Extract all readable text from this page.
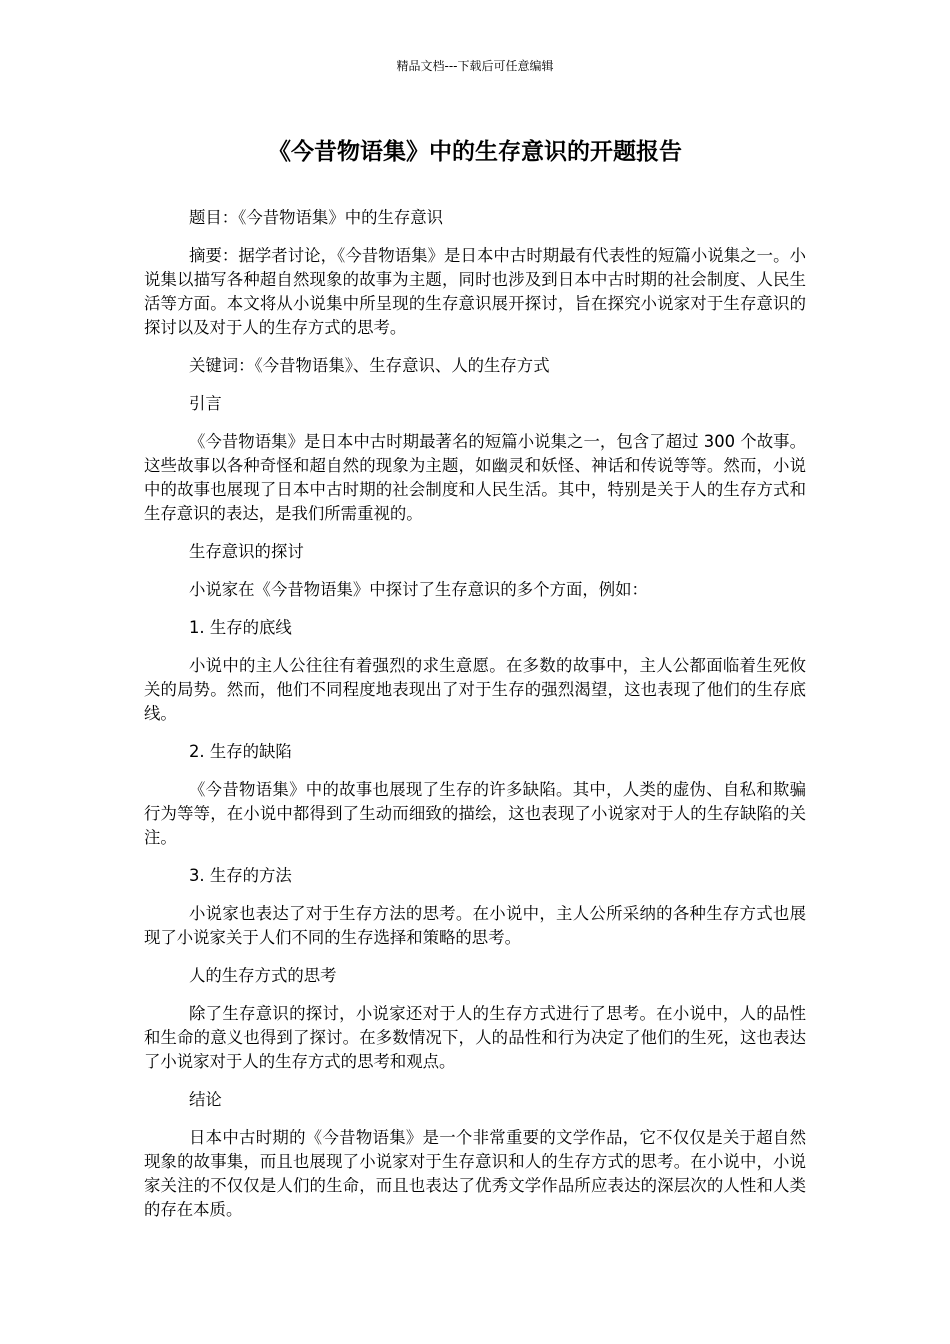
精品文档---下载后可任意编辑
《今昔物语集》中的生存意识的开题报告

题目：《今昔物语集》中的生存意识

摘要：据学者讨论，《今昔物语集》是日本中古时期最有代表性的短篇小说集之一。小说集以描写各种超自然现象的故事为主题，同时也涉及到日本中古时期的社会制度、人民生活等方面。本文将从小说集中所呈现的生存意识展开探讨，旨在探究小说家对于生存意识的探讨以及对于人的生存方式的思考。

关键词：《今昔物语集》、生存意识、人的生存方式

引言

《今昔物语集》是日本中古时期最著名的短篇小说集之一，包含了超过 300 个故事。这些故事以各种奇怪和超自然的现象为主题，如幽灵和妖怪、神话和传说等等。然而，小说中的故事也展现了日本中古时期的社会制度和人民生活。其中，特别是关于人的生存方式和生存意识的表达，是我们所需重视的。

生存意识的探讨

小说家在《今昔物语集》中探讨了生存意识的多个方面，例如：

1. 生存的底线

小说中的主人公往往有着强烈的求生意愿。在多数的故事中，主人公都面临着生死攸关的局势。然而，他们不同程度地表现出了对于生存的强烈渴望，这也表现了他们的生存底线。

2. 生存的缺陷

《今昔物语集》中的故事也展现了生存的许多缺陷。其中，人类的虚伪、自私和欺骗行为等等，在小说中都得到了生动而细致的描绘，这也表现了小说家对于人的生存缺陷的关注。

3. 生存的方法

小说家也表达了对于生存方法的思考。在小说中，主人公所采纳的各种生存方式也展现了小说家关于人们不同的生存选择和策略的思考。

人的生存方式的思考

除了生存意识的探讨，小说家还对于人的生存方式进行了思考。在小说中，人的品性和生命的意义也得到了探讨。在多数情况下，人的品性和行为决定了他们的生死，这也表达了小说家对于人的生存方式的思考和观点。

结论

日本中古时期的《今昔物语集》是一个非常重要的文学作品，它不仅仅是关于超自然现象的故事集，而且也展现了小说家对于生存意识和人的生存方式的思考。在小说中，小说家关注的不仅仅是人们的生命，而且也表达了优秀文学作品所应表达的深层次的人性和人类的存在本质。
